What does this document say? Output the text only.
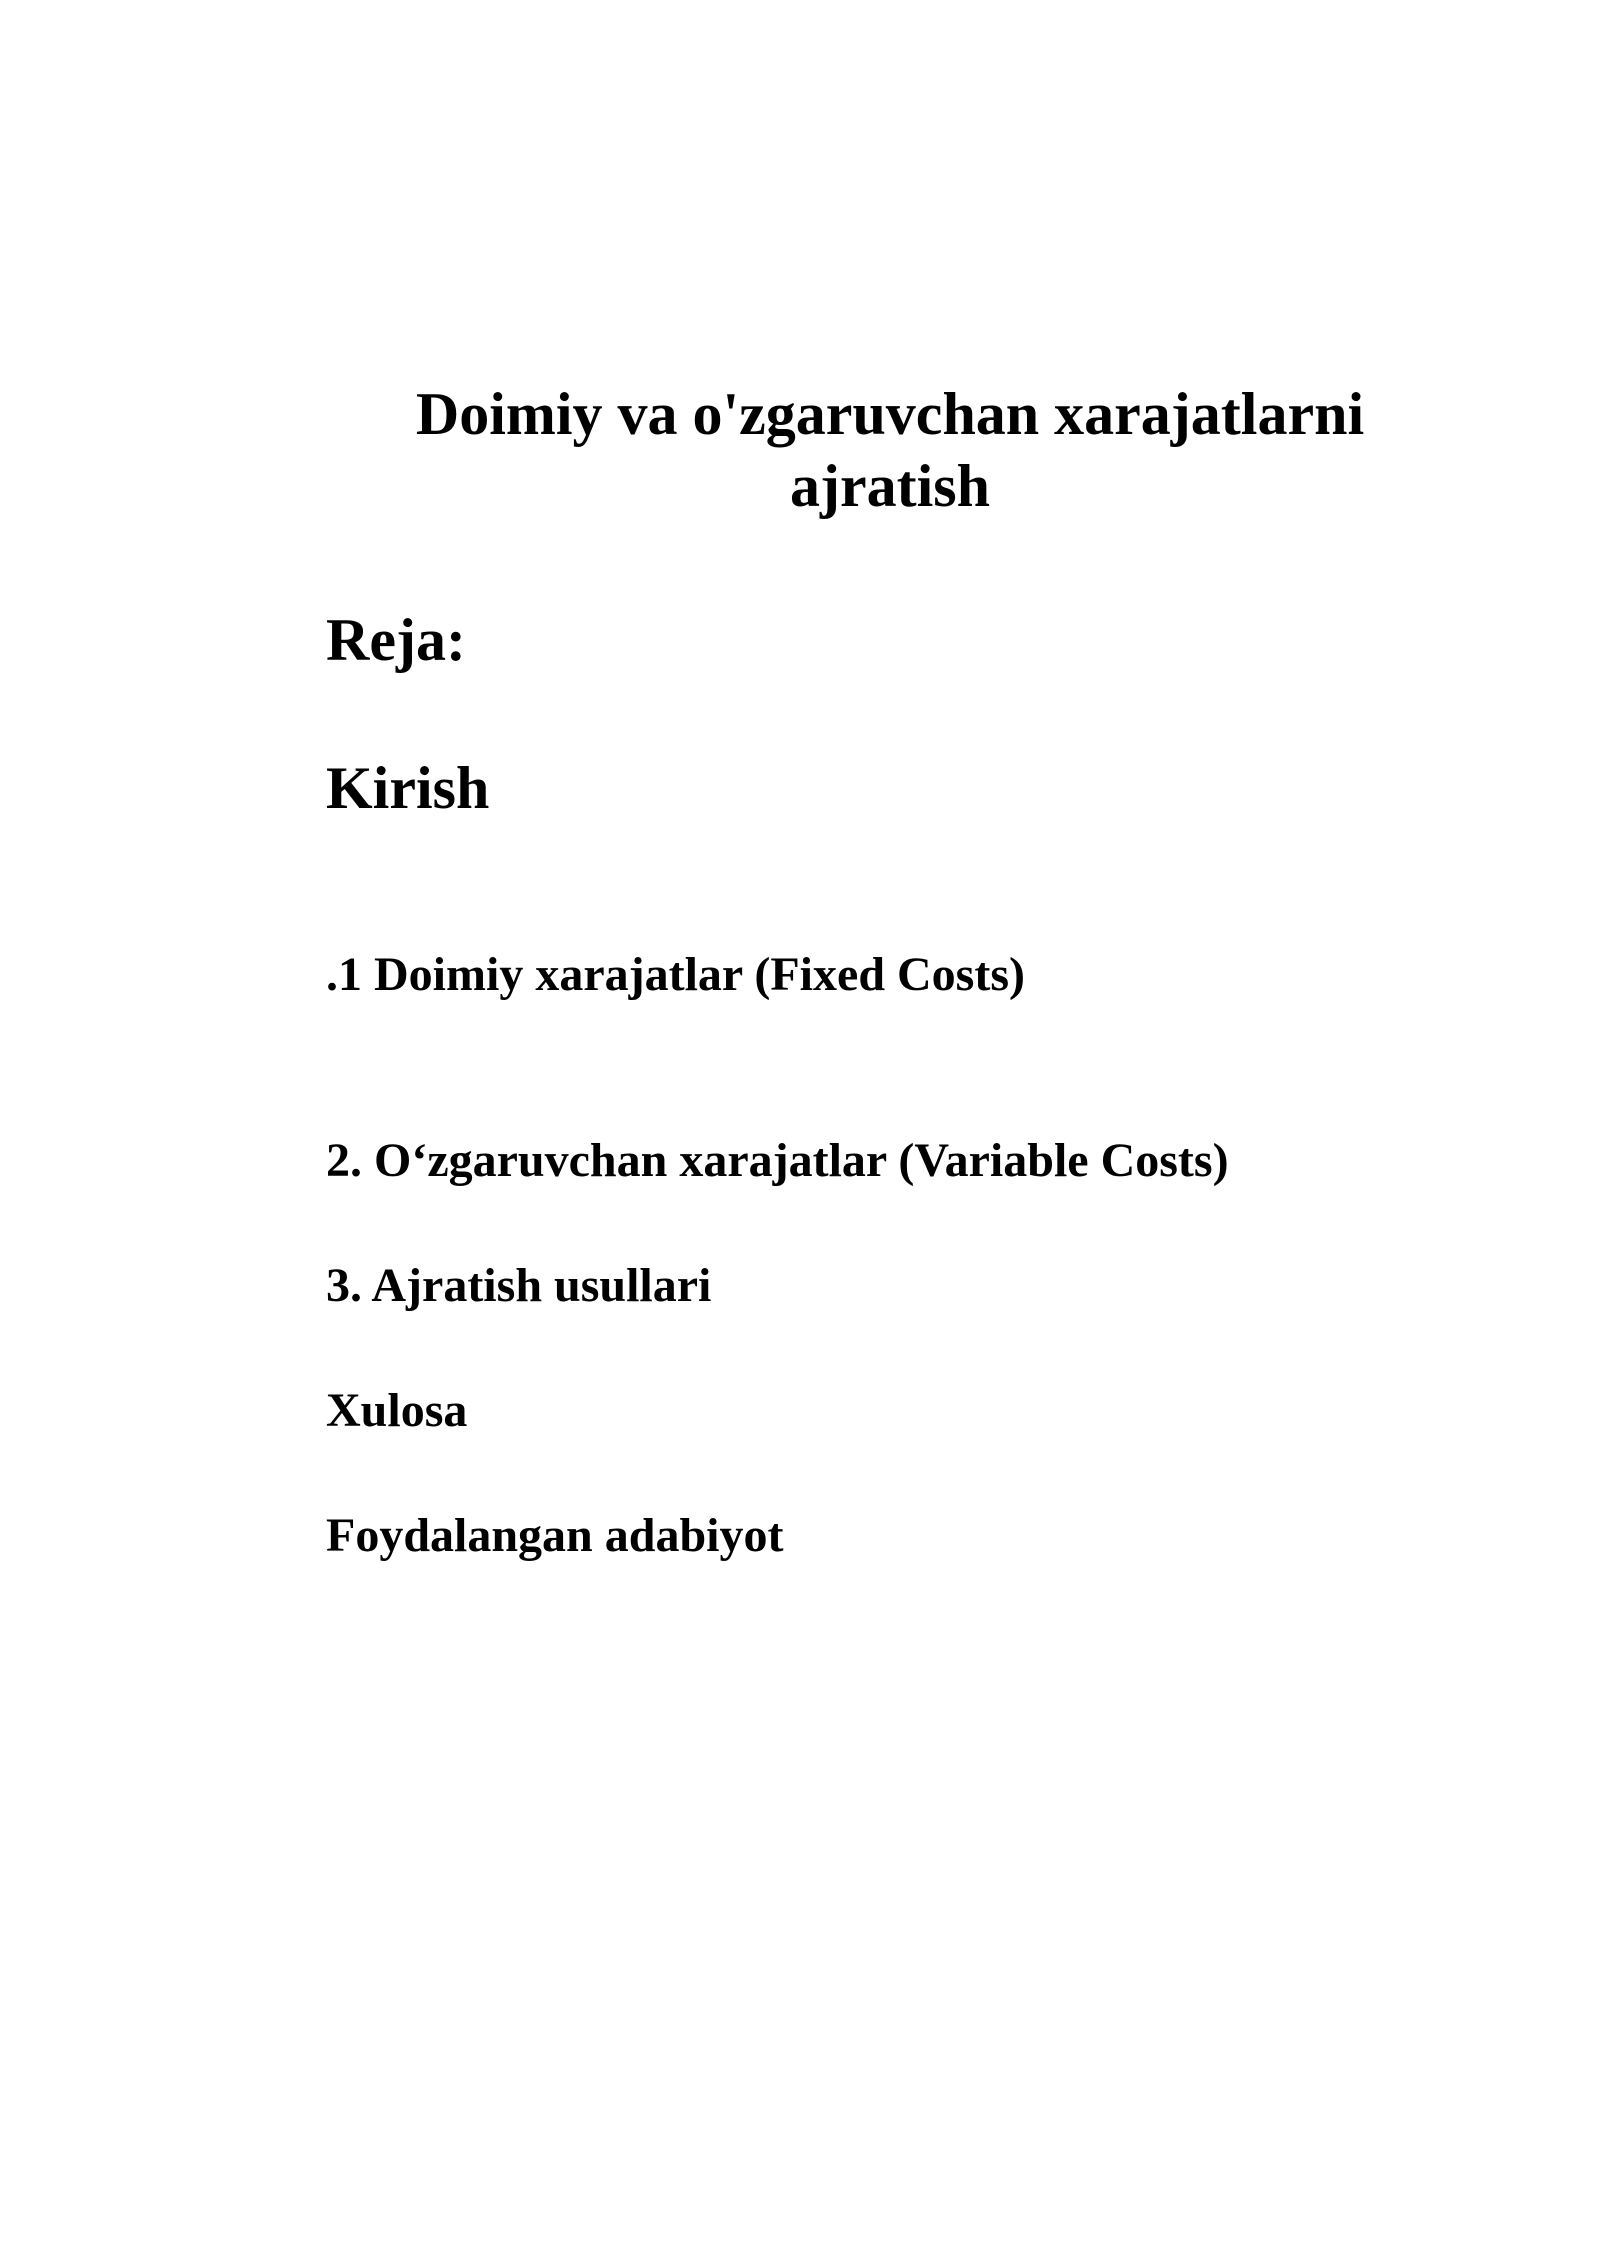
Doimiy va o'zgaruvchan xarajatlarni
ajratish

Reja:

Kirish

.1 Doimiy xarajatlar (Fixed Costs)

2. O‘zgaruvchan xarajatlar (Variable Costs)

3. Ajratish usullari

Xulosa

Foydalangan adabiyot
